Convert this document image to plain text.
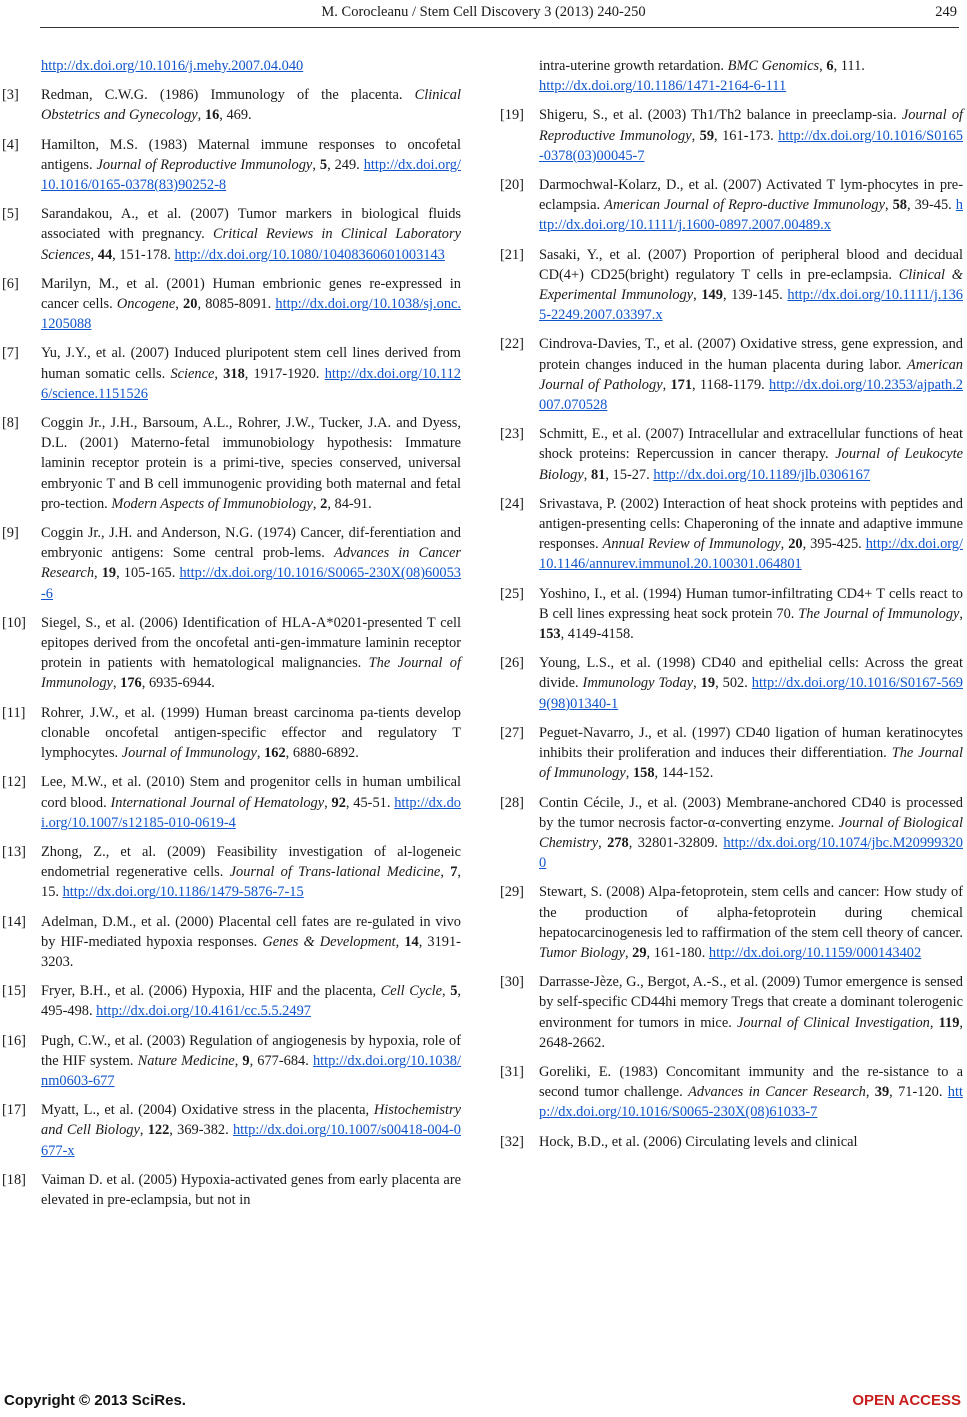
M. Corocleanu / Stem Cell Discovery 3 (2013) 240-250	249
http://dx.doi.org/10.1016/j.mehy.2007.04.040
[3] Redman, C.W.G. (1986) Immunology of the placenta. Clinical Obstetrics and Gynecology, 16, 469.
[4] Hamilton, M.S. (1983) Maternal immune responses to oncofetal antigens. Journal of Reproductive Immunology, 5, 249. http://dx.doi.org/10.1016/0165-0378(83)90252-8
[5] Sarandakou, A., et al. (2007) Tumor markers in biological fluids associated with pregnancy. Critical Reviews in Clinical Laboratory Sciences, 44, 151-178. http://dx.doi.org/10.1080/10408360601003143
[6] Marilyn, M., et al. (2001) Human embrionic genes re-expressed in cancer cells. Oncogene, 20, 8085-8091. http://dx.doi.org/10.1038/sj.onc.1205088
[7] Yu, J.Y., et al. (2007) Induced pluripotent stem cell lines derived from human somatic cells. Science, 318, 1917-1920. http://dx.doi.org/10.1126/science.1151526
[8] Coggin Jr., J.H., Barsoum, A.L., Rohrer, J.W., Tucker, J.A. and Dyess, D.L. (2001) Materno-fetal immunobiology hypothesis: Immature laminin receptor protein is a primi-tive, species conserved, universal embryonic T and B cell immunogenic providing both maternal and fetal pro-tection. Modern Aspects of Immunobiology, 2, 84-91.
[9] Coggin Jr., J.H. and Anderson, N.G. (1974) Cancer, dif-ferentiation and embryonic antigens: Some central prob-lems. Advances in Cancer Research, 19, 105-165. http://dx.doi.org/10.1016/S0065-230X(08)60053-6
[10] Siegel, S., et al. (2006) Identification of HLA-A*0201-presented T cell epitopes derived from the oncofetal anti-gen-immature laminin receptor protein in patients with hematological malignancies. The Journal of Immunology, 176, 6935-6944.
[11] Rohrer, J.W., et al. (1999) Human breast carcinoma pa-tients develop clonable oncofetal antigen-specific effector and regulatory T lymphocytes. Journal of Immunology, 162, 6880-6892.
[12] Lee, M.W., et al. (2010) Stem and progenitor cells in human umbilical cord blood. International Journal of Hematology, 92, 45-51. http://dx.doi.org/10.1007/s12185-010-0619-4
[13] Zhong, Z., et al. (2009) Feasibility investigation of al-logeneic endometrial regenerative cells. Journal of Trans-lational Medicine, 7, 15. http://dx.doi.org/10.1186/1479-5876-7-15
[14] Adelman, D.M., et al. (2000) Placental cell fates are re-gulated in vivo by HIF-mediated hypoxia responses. Genes & Development, 14, 3191-3203.
[15] Fryer, B.H., et al. (2006) Hypoxia, HIF and the placenta, Cell Cycle, 5, 495-498. http://dx.doi.org/10.4161/cc.5.5.2497
[16] Pugh, C.W., et al. (2003) Regulation of angiogenesis by hypoxia, role of the HIF system. Nature Medicine, 9, 677-684. http://dx.doi.org/10.1038/nm0603-677
[17] Myatt, L., et al. (2004) Oxidative stress in the placenta, Histochemistry and Cell Biology, 122, 369-382. http://dx.doi.org/10.1007/s00418-004-0677-x
[18] Vaiman D. et al. (2005) Hypoxia-activated genes from early placenta are elevated in pre-eclampsia, but not in
intra-uterine growth retardation. BMC Genomics, 6, 111.
http://dx.doi.org/10.1186/1471-2164-6-111
[19] Shigeru, S., et al. (2003) Th1/Th2 balance in preeclamp-sia. Journal of Reproductive Immunology, 59, 161-173. http://dx.doi.org/10.1016/S0165-0378(03)00045-7
[20] Darmochwal-Kolarz, D., et al. (2007) Activated T lym-phocytes in pre-eclampsia. American Journal of Repro-ductive Immunology, 58, 39-45. http://dx.doi.org/10.1111/j.1600-0897.2007.00489.x
[21] Sasaki, Y., et al. (2007) Proportion of peripheral blood and decidual CD(4+) CD25(bright) regulatory T cells in pre-eclampsia. Clinical & Experimental Immunology, 149, 139-145. http://dx.doi.org/10.1111/j.1365-2249.2007.03397.x
[22] Cindrova-Davies, T., et al. (2007) Oxidative stress, gene expression, and protein changes induced in the human placenta during labor. American Journal of Pathology, 171, 1168-1179. http://dx.doi.org/10.2353/ajpath.2007.070528
[23] Schmitt, E., et al. (2007) Intracellular and extracellular functions of heat shock proteins: Repercussion in cancer therapy. Journal of Leukocyte Biology, 81, 15-27. http://dx.doi.org/10.1189/jlb.0306167
[24] Srivastava, P. (2002) Interaction of heat shock proteins with peptides and antigen-presenting cells: Chaperoning of the innate and adaptive immune responses. Annual Review of Immunology, 20, 395-425. http://dx.doi.org/10.1146/annurev.immunol.20.100301.064801
[25] Yoshino, I., et al. (1994) Human tumor-infiltrating CD4+ T cells react to B cell lines expressing heat sock protein 70. The Journal of Immunology, 153, 4149-4158.
[26] Young, L.S., et al. (1998) CD40 and epithelial cells: Across the great divide. Immunology Today, 19, 502. http://dx.doi.org/10.1016/S0167-5699(98)01340-1
[27] Peguet-Navarro, J., et al. (1997) CD40 ligation of human keratinocytes inhibits their proliferation and induces their differentiation. The Journal of Immunology, 158, 144-152.
[28] Contin Cécile, J., et al. (2003) Membrane-anchored CD40 is processed by the tumor necrosis factor-α-converting enzyme. Journal of Biological Chemistry, 278, 32801-32809. http://dx.doi.org/10.1074/jbc.M209993200
[29] Stewart, S. (2008) Alpa-fetoprotein, stem cells and cancer: How study of the production of alpha-fetoprotein during chemical hepatocarcinogenesis led to raffirmation of the stem cell theory of cancer. Tumor Biology, 29, 161-180. http://dx.doi.org/10.1159/000143402
[30] Darrasse-Jèze, G., Bergot, A.-S., et al. (2009) Tumor emergence is sensed by self-specific CD44hi memory Tregs that create a dominant tolerogenic environment for tumors in mice. Journal of Clinical Investigation, 119, 2648-2662.
[31] Goreliki, E. (1983) Concomitant immunity and the re-sistance to a second tumor challenge. Advances in Cancer Research, 39, 71-120. http://dx.doi.org/10.1016/S0065-230X(08)61033-7
[32] Hock, B.D., et al. (2006) Circulating levels and clinical
Copyright © 2013 SciRes.	OPEN ACCESS
